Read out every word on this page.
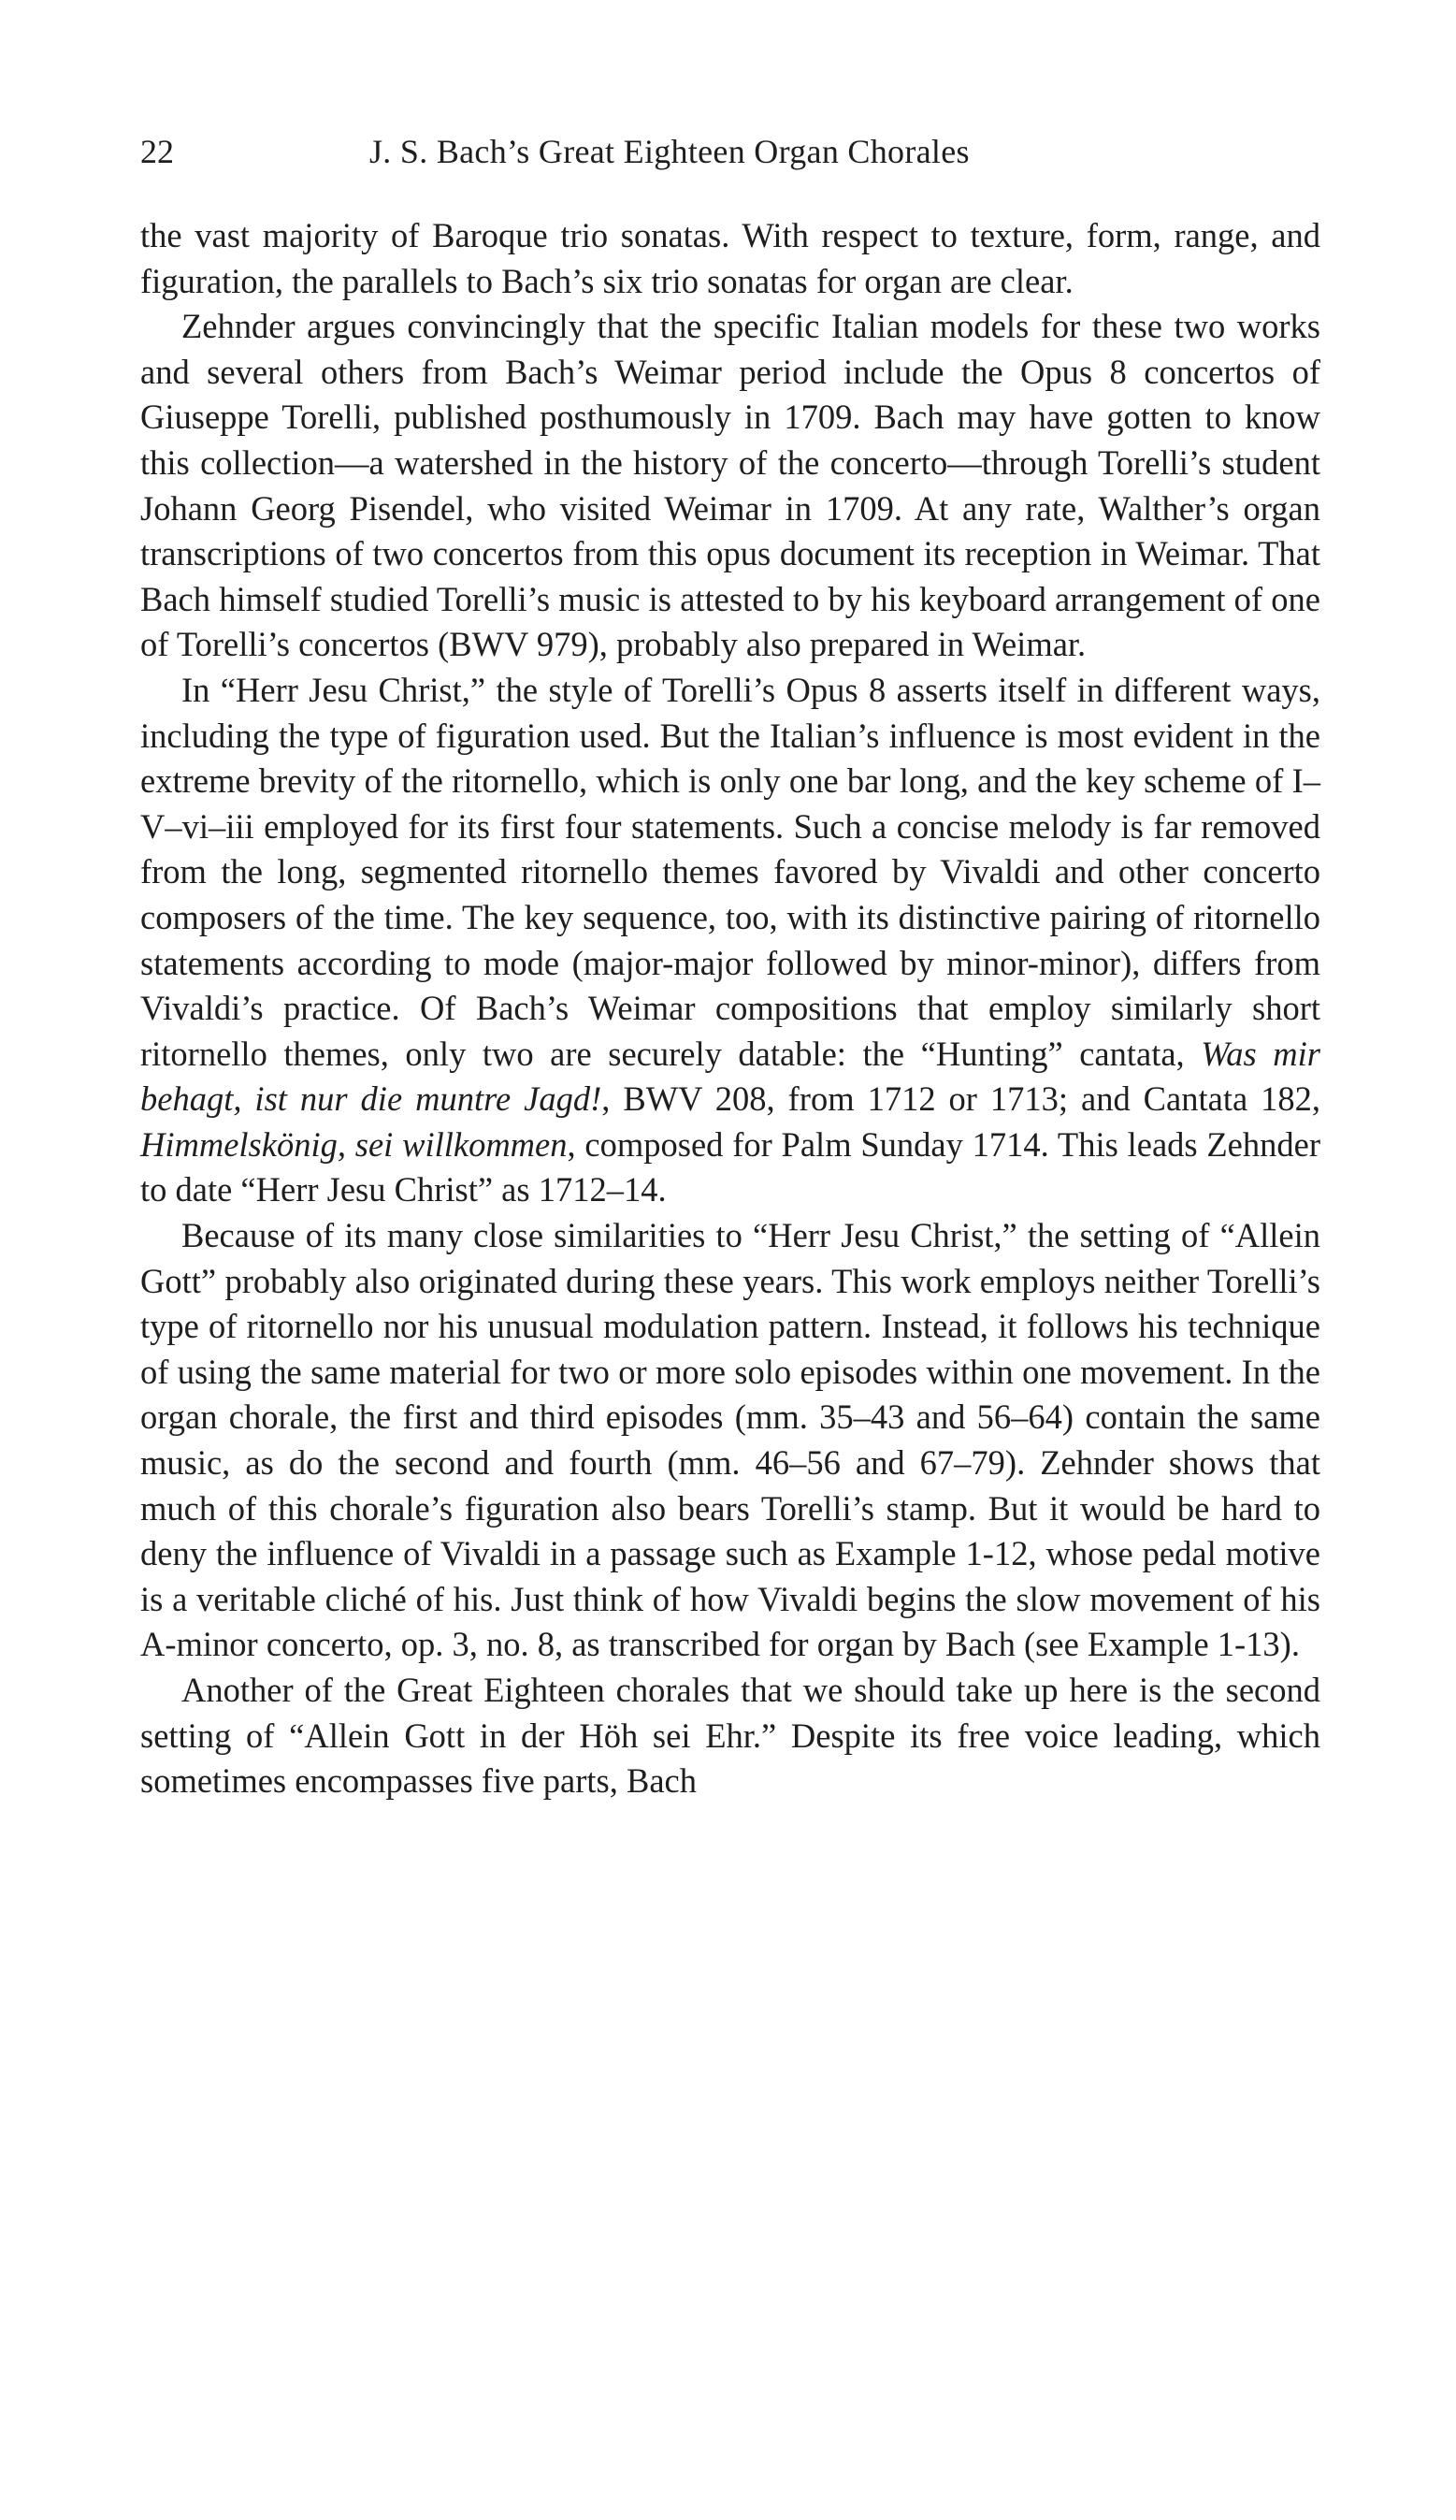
22	J. S. Bach’s Great Eighteen Organ Chorales

the vast majority of Baroque trio sonatas. With respect to texture, form, range, and figuration, the parallels to Bach’s six trio sonatas for organ are clear.

Zehnder argues convincingly that the specific Italian models for these two works and several others from Bach’s Weimar period include the Opus 8 concertos of Giuseppe Torelli, published posthumously in 1709. Bach may have gotten to know this collection—a watershed in the history of the concerto—through Torelli’s student Johann Georg Pisendel, who visited Weimar in 1709. At any rate, Walther’s organ transcriptions of two concertos from this opus document its reception in Weimar. That Bach himself studied Torelli’s music is attested to by his keyboard arrangement of one of Torelli’s concertos (BWV 979), probably also prepared in Weimar.

In “Herr Jesu Christ,” the style of Torelli’s Opus 8 asserts itself in different ways, including the type of figuration used. But the Italian’s influence is most evident in the extreme brevity of the ritornello, which is only one bar long, and the key scheme of I–V–vi–iii employed for its first four statements. Such a concise melody is far removed from the long, segmented ritornello themes favored by Vivaldi and other concerto composers of the time. The key sequence, too, with its distinctive pairing of ritornello statements according to mode (major-major followed by minor-minor), differs from Vivaldi’s practice. Of Bach’s Weimar compositions that employ similarly short ritornello themes, only two are securely datable: the “Hunting” cantata, Was mir behagt, ist nur die muntre Jagd!, BWV 208, from 1712 or 1713; and Cantata 182, Himmelskönig, sei willkommen, composed for Palm Sunday 1714. This leads Zehnder to date “Herr Jesu Christ” as 1712–14.

Because of its many close similarities to “Herr Jesu Christ,” the setting of “Allein Gott” probably also originated during these years. This work employs neither Torelli’s type of ritornello nor his unusual modulation pattern. Instead, it follows his technique of using the same material for two or more solo episodes within one movement. In the organ chorale, the first and third episodes (mm. 35–43 and 56–64) contain the same music, as do the second and fourth (mm. 46–56 and 67–79). Zehnder shows that much of this chorale’s figuration also bears Torelli’s stamp. But it would be hard to deny the influence of Vivaldi in a passage such as Example 1-12, whose pedal motive is a veritable cliché of his. Just think of how Vivaldi begins the slow movement of his A-minor concerto, op. 3, no. 8, as transcribed for organ by Bach (see Example 1-13).

Another of the Great Eighteen chorales that we should take up here is the second setting of “Allein Gott in der Höh sei Ehr.” Despite its free voice leading, which sometimes encompasses five parts, Bach
